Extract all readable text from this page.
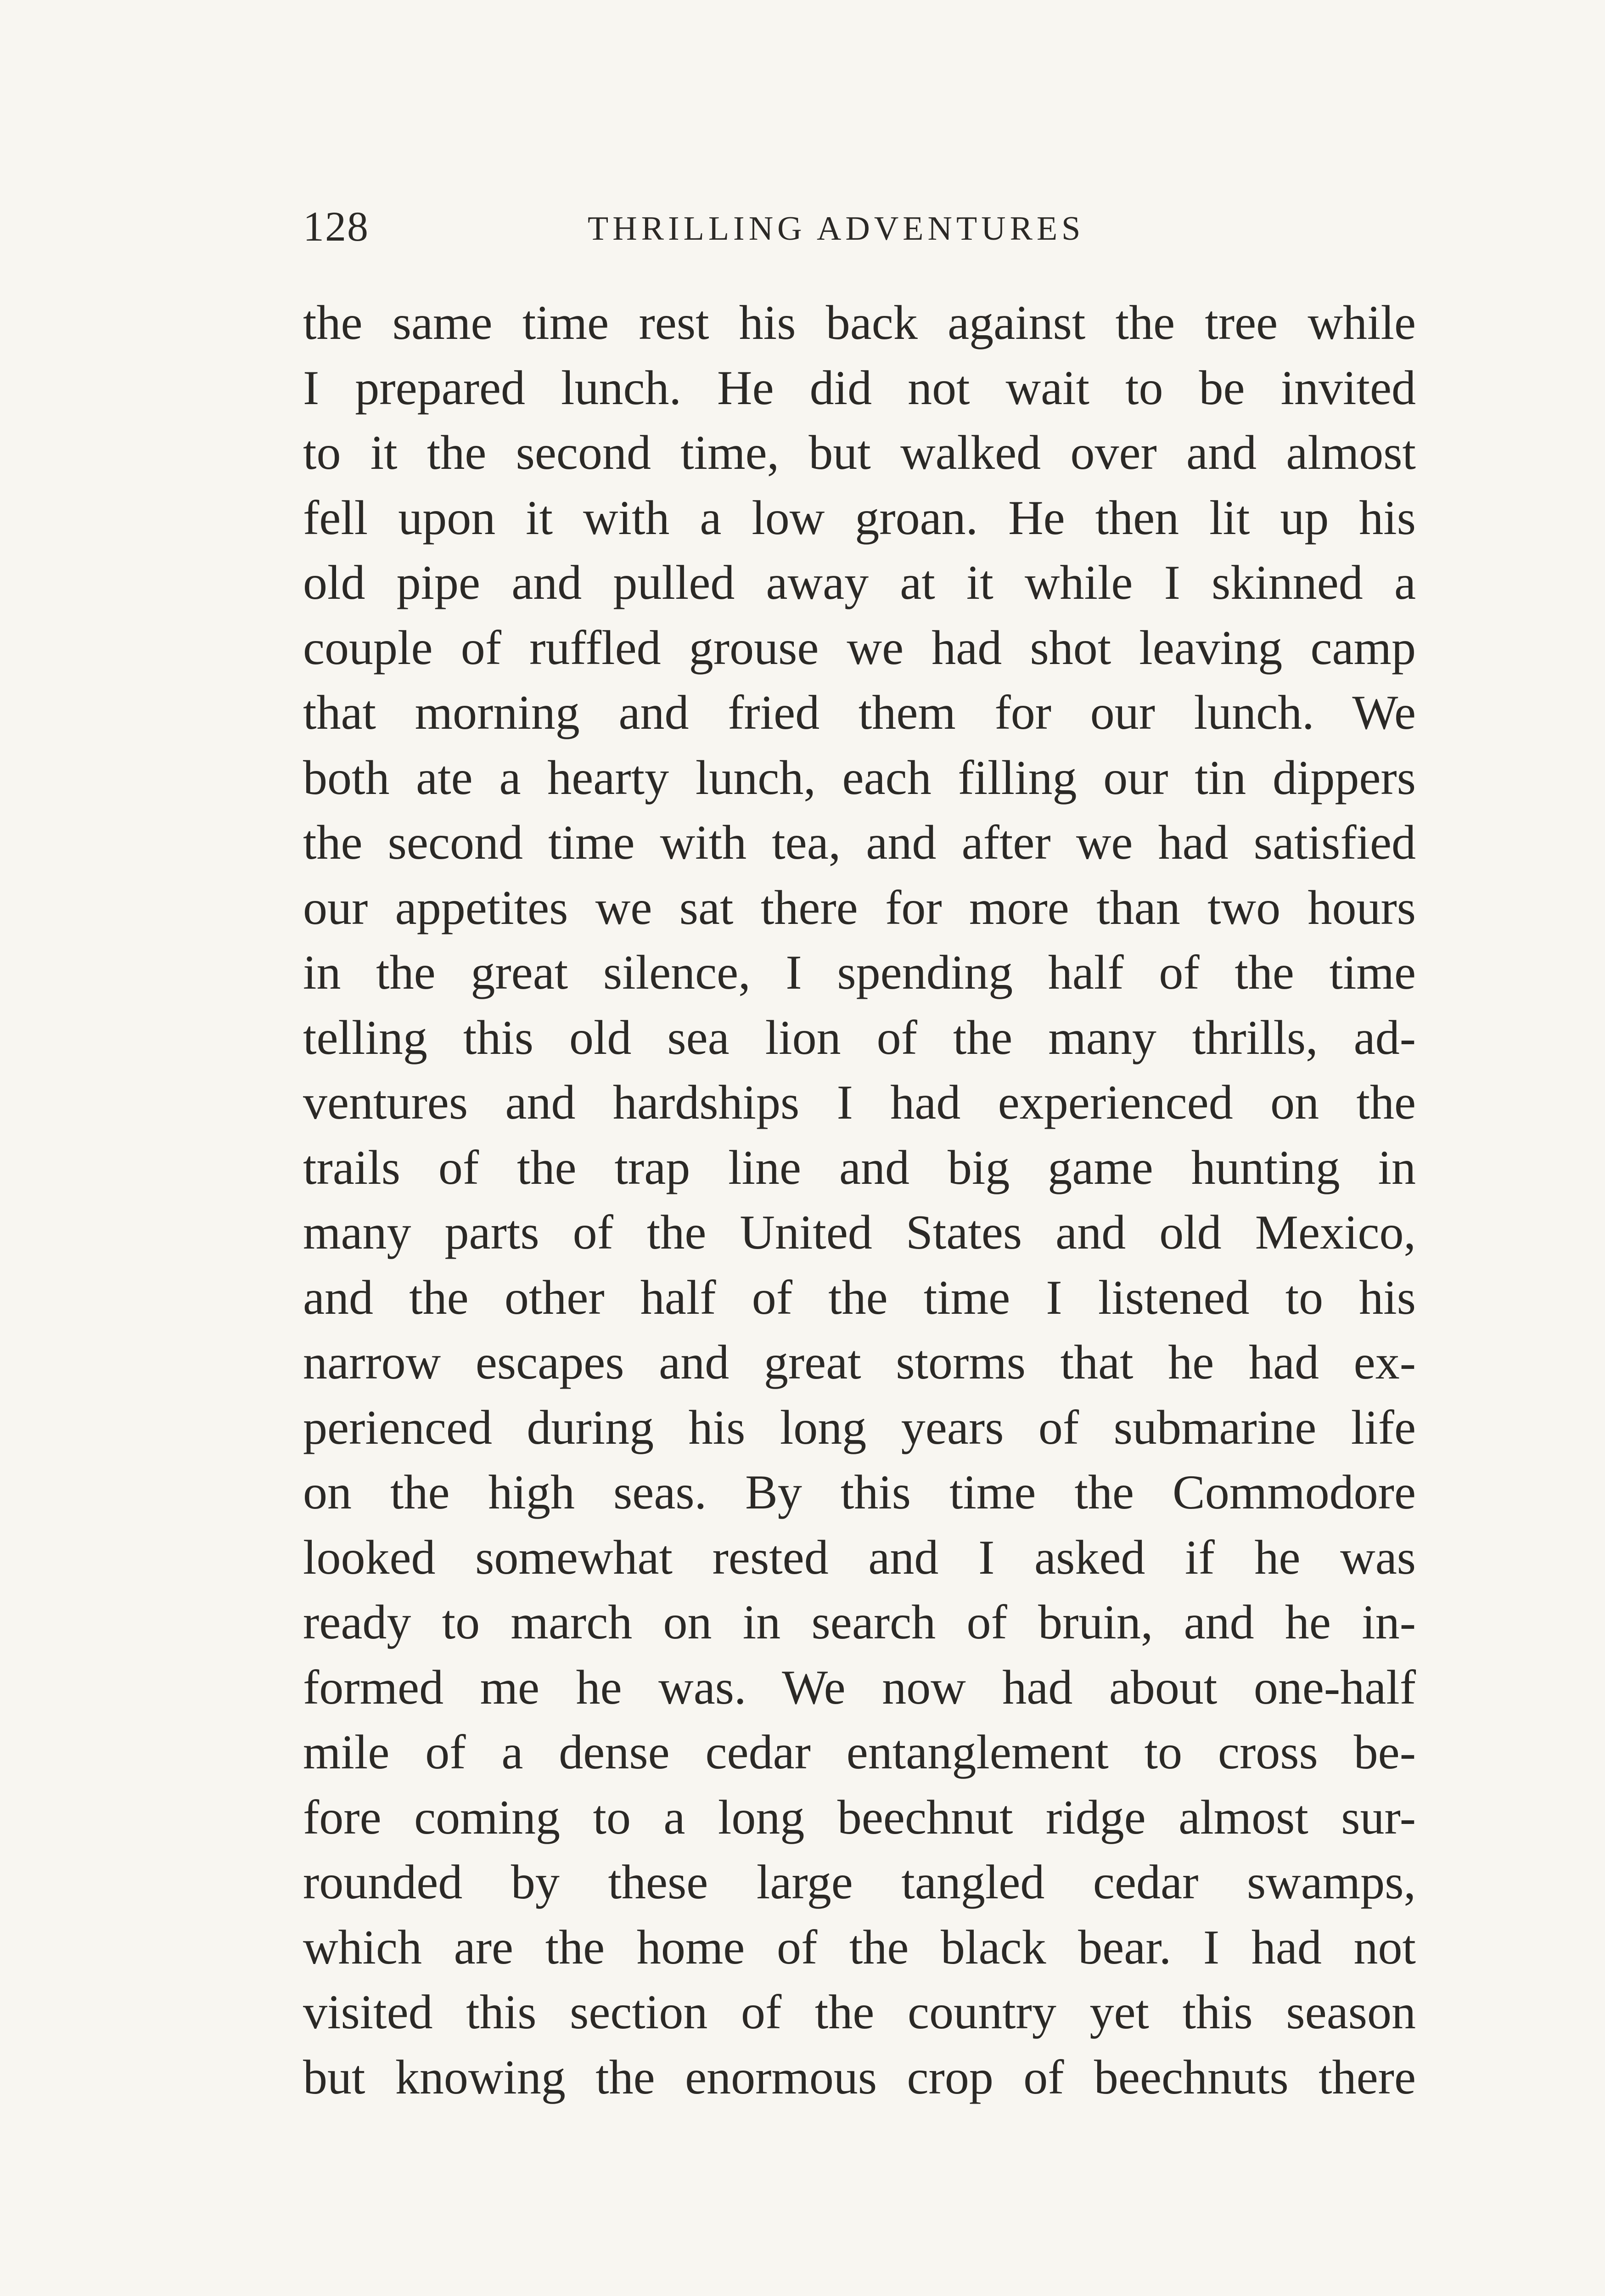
128	THRILLING ADVENTURES
the same time rest his back against the tree while
I prepared lunch. He did not wait to be invited
to it the second time, but walked over and almost
fell upon it with a low groan. He then lit up his
old pipe and pulled away at it while I skinned a
couple of ruffled grouse we had shot leaving camp
that morning and fried them for our lunch. We
both ate a hearty lunch, each filling our tin dippers
the second time with tea, and after we had satisfied
our appetites we sat there for more than two hours
in the great silence, I spending half of the time
telling this old sea lion of the many thrills, ad-
ventures and hardships I had experienced on the
trails of the trap line and big game hunting in
many parts of the United States and old Mexico,
and the other half of the time I listened to his
narrow escapes and great storms that he had ex-
perienced during his long years of submarine life
on the high seas. By this time the Commodore
looked somewhat rested and I asked if he was
ready to march on in search of bruin, and he in-
formed me he was. We now had about one-half
mile of a dense cedar entanglement to cross be-
fore coming to a long beechnut ridge almost sur-
rounded by these large tangled cedar swamps,
which are the home of the black bear. I had not
visited this section of the country yet this season
but knowing the enormous crop of beechnuts there
